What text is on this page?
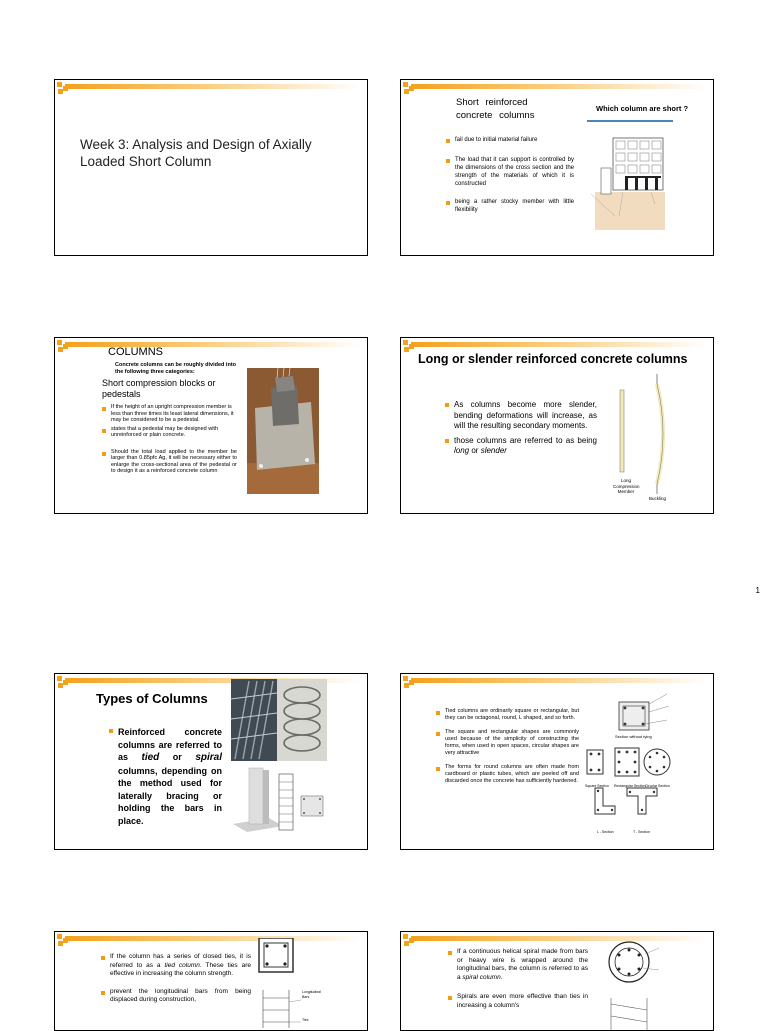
Week 3: Analysis and Design of Axially Loaded Short Column
Short reinforced concrete columns
fail due to initial material failure
The load that it can support is controlled by the dimensions of the cross section and the strength of the materials of which it is constructed
being a rather stocky member with little flexibility
Which column are short ?
COLUMNS
Concrete columns can be roughly divided into the following three categories:
Short compression blocks or pedestals
If the height of an upright compression member is less than three times its least lateral dimensions, it may be considered to be a pedestal.
states that a pedestal may be designed with unreinforced or plain concrete.
Should the total load applied to the member be larger than 0.85pfc Ag, it will be necessary either to enlarge the cross-sectional area of the pedestal or to design it as a reinforced concrete column
Long or slender reinforced concrete columns
As columns become more slender, bending deformations will increase, as will the resulting secondary moments.
those columns are referred to as being long or slender
Long Compression Member
Buckling
1
Types of Columns
Reinforced concrete columns are referred to as tied or spiral columns, depending on the method used for laterally bracing or holding the bars in place.
Tied columns are ordinarily square or rectangular, but they can be octagonal, round, L shaped, and so forth.
The square and rectangular shapes are commonly used because of the simplicity of constructing the forms, when used in open spaces, circular shapes are very attractive
The forms for round columns are often made from cardboard or plastic tubes, which are peeled off and discarded once the concrete has sufficiently hardened.
Section without tying
Square Section Rectangular Section Circular Section
L - Section	T - Section
If the column has a series of closed ties, it is referred to as a tied column. These ties are effective in increasing the column strength.
prevent the longitudinal bars from being displaced during construction,
Longitudinal Bars
Ties
If a continuous helical spiral made from bars or heavy wire is wrapped around the longitudinal bars, the column is referred to as a spiral column.
Spirals are even more effective than ties in increasing a column's
